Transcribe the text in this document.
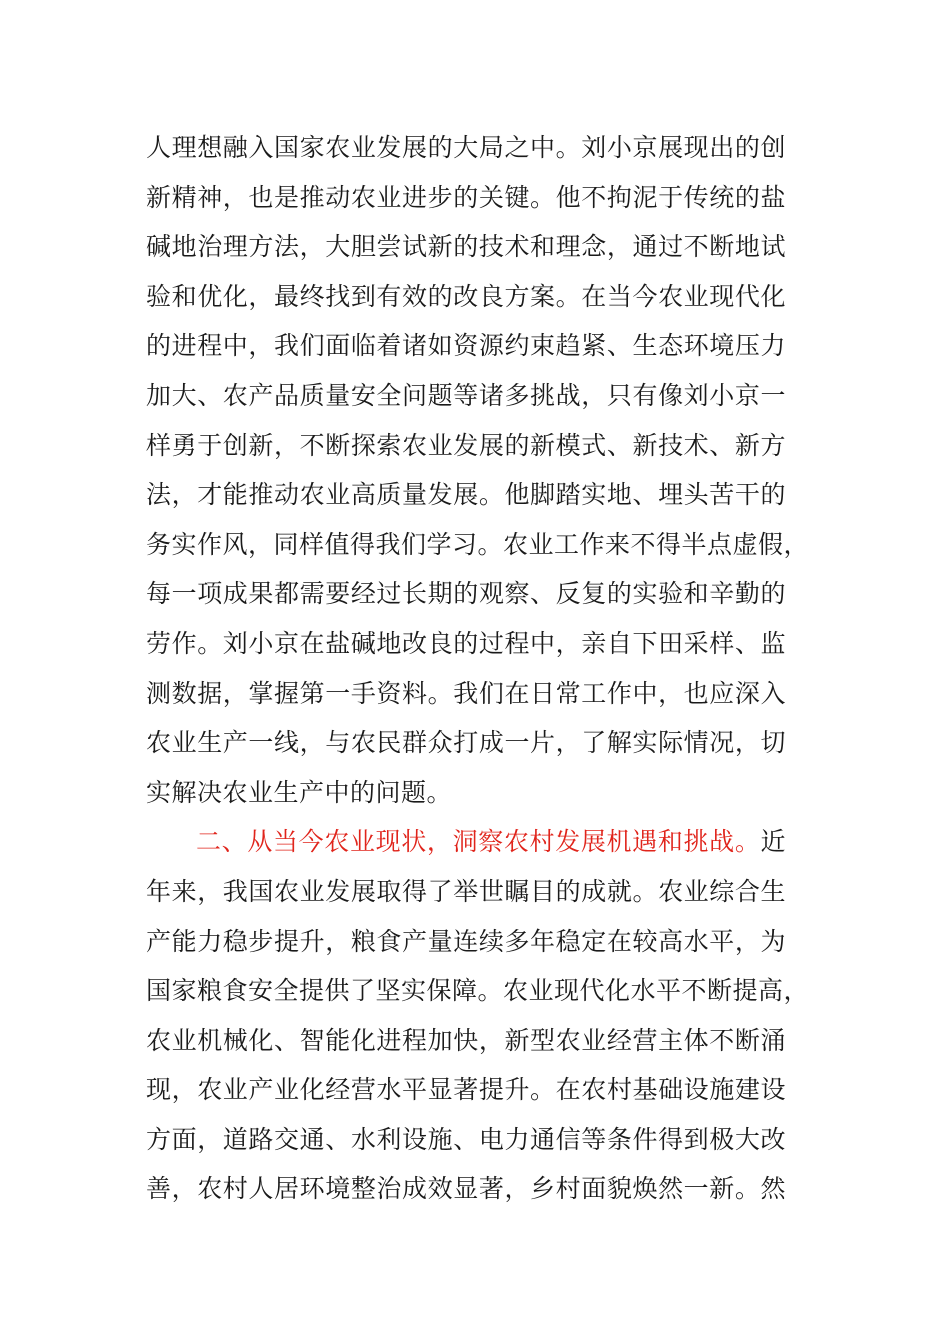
人理想融入国家农业发展的大局之中。刘小京展现出的创
新精神，也是推动农业进步的关键。他不拘泥于传统的盐
碱地治理方法，大胆尝试新的技术和理念，通过不断地试
验和优化，最终找到有效的改良方案。在当今农业现代化
的进程中，我们面临着诸如资源约束趋紧、生态环境压力
加大、农产品质量安全问题等诸多挑战，只有像刘小京一
样勇于创新，不断探索农业发展的新模式、新技术、新方
法，才能推动农业高质量发展。他脚踏实地、埋头苦干的
务实作风，同样值得我们学习。农业工作来不得半点虚假，
每一项成果都需要经过长期的观察、反复的实验和辛勤的
劳作。刘小京在盐碱地改良的过程中，亲自下田采样、监
测数据，掌握第一手资料。我们在日常工作中，也应深入
农业生产一线，与农民群众打成一片，了解实际情况，切
实解决农业生产中的问题。
二、从当今农业现状，洞察农村发展机遇和挑战。近
年来，我国农业发展取得了举世瞩目的成就。农业综合生
产能力稳步提升，粮食产量连续多年稳定在较高水平，为
国家粮食安全提供了坚实保障。农业现代化水平不断提高，
农业机械化、智能化进程加快，新型农业经营主体不断涌
现，农业产业化经营水平显著提升。在农村基础设施建设
方面，道路交通、水利设施、电力通信等条件得到极大改
善，农村人居环境整治成效显著，乡村面貌焕然一新。然
